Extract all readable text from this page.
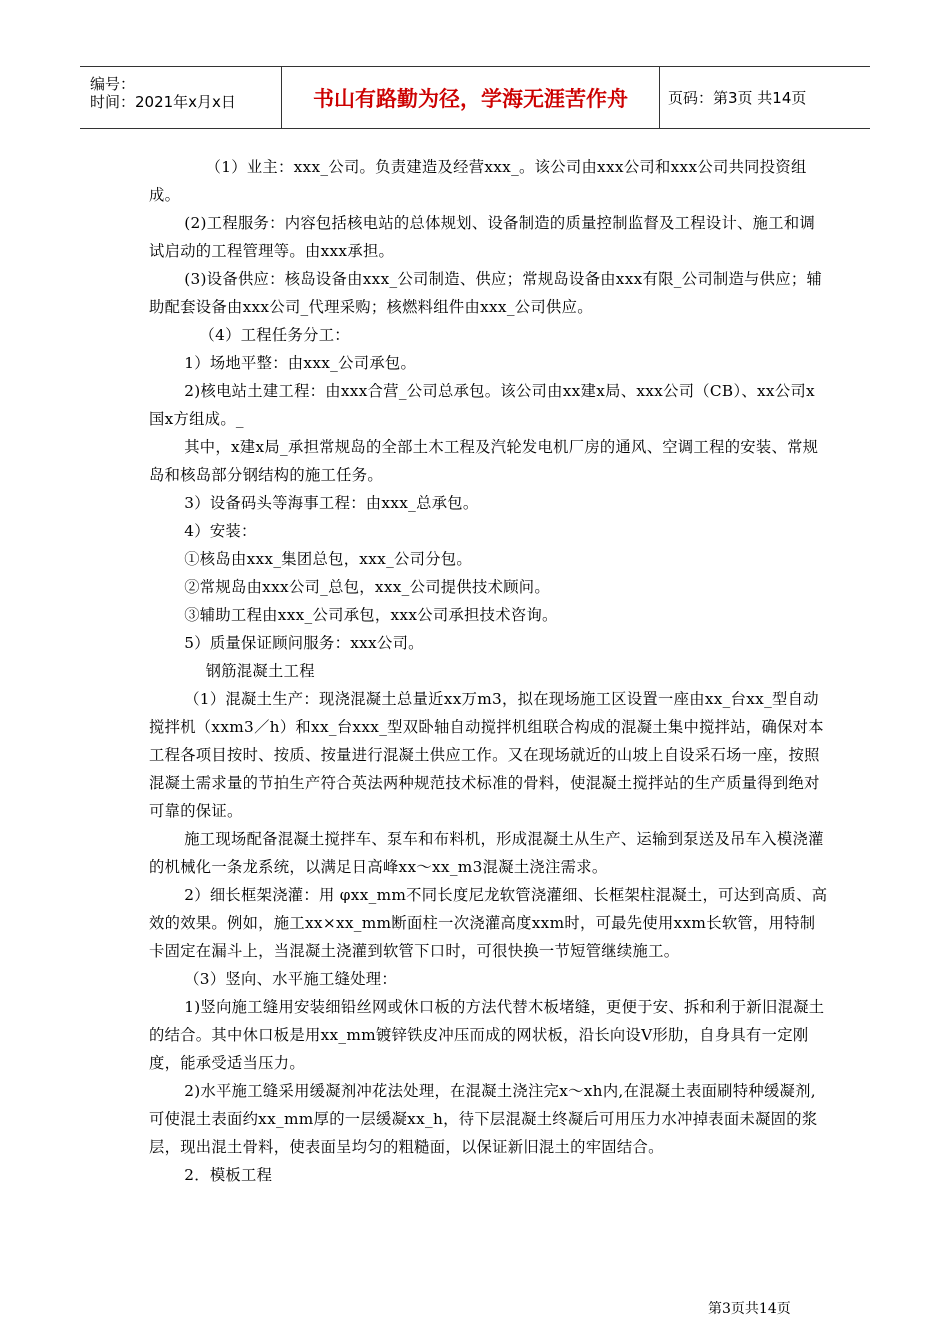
编号：
时间：2021年x月x日	书山有路勤为径，学海无涯苦作舟	页码：第3页 共14页

（1）业主：xxx_公司。负责建造及经营xxx_。该公司由xxx公司和xxx公司共同投资组成。

(2)工程服务：内容包括核电站的总体规划、设备制造的质量控制监督及工程设计、施工和调试启动的工程管理等。由xxx承担。

(3)设备供应：核岛设备由xxx_公司制造、供应；常规岛设备由xxx有限_公司制造与供应；辅助配套设备由xxx公司_代理采购；核燃料组件由xxx_公司供应。

（4）工程任务分工：

1）场地平整：由xxx_公司承包。

2)核电站土建工程：由xxx合营_公司总承包。该公司由xx建x局、xxx公司（CB）、xx公司x国x方组成。_

其中，x建x局_承担常规岛的全部土木工程及汽轮发电机厂房的通风、空调工程的安装、常规岛和核岛部分钢结构的施工任务。

3）设备码头等海事工程：由xxx_总承包。

4）安装：

①核岛由xxx_集团总包，xxx_公司分包。

②常规岛由xxx公司_总包，xxx_公司提供技术顾问。

③辅助工程由xxx_公司承包，xxx公司承担技术咨询。

5）质量保证顾问服务：xxx公司。

钢筋混凝土工程

（1）混凝土生产：现浇混凝土总量近xx万m3，拟在现场施工区设置一座由xx_台xx_型自动搅拌机（xxm3／h）和xx_台xxx_型双卧轴自动搅拌机组联合构成的混凝土集中搅拌站，确保对本工程各项目按时、按质、按量进行混凝土供应工作。又在现场就近的山坡上自设采石场一座，按照混凝土需求量的节拍生产符合英法两种规范技术标准的骨料，使混凝土搅拌站的生产质量得到绝对可靠的保证。

施工现场配备混凝土搅拌车、泵车和布料机，形成混凝土从生产、运输到泵送及吊车入模浇灌的机械化一条龙系统，以满足日高峰xx～xx_m3混凝土浇注需求。

2）细长框架浇灌：用 φxx_mm不同长度尼龙软管浇灌细、长框架柱混凝土，可达到高质、高效的效果。例如，施工xx×xx_mm断面柱一次浇灌高度xxm时，可最先使用xxm长软管，用特制卡固定在漏斗上，当混凝土浇灌到软管下口时，可很快换一节短管继续施工。

（3）竖向、水平施工缝处理：

1)竖向施工缝用安装细铅丝网或休口板的方法代替木板堵缝，更便于安、拆和利于新旧混凝土的结合。其中休口板是用xx_mm镀锌铁皮冲压而成的网状板，沿长向设V形肋，自身具有一定刚度，能承受适当压力。

2)水平施工缝采用缓凝剂冲花法处理，在混凝土浇注完x～xh内,在混凝土表面刷特种缓凝剂,可使混土表面约xx_mm厚的一层缓凝xx_h，待下层混凝土终凝后可用压力水冲掉表面未凝固的浆层，现出混土骨料，使表面呈均匀的粗糙面，以保证新旧混土的牢固结合。

2．模板工程

第3页共14页
